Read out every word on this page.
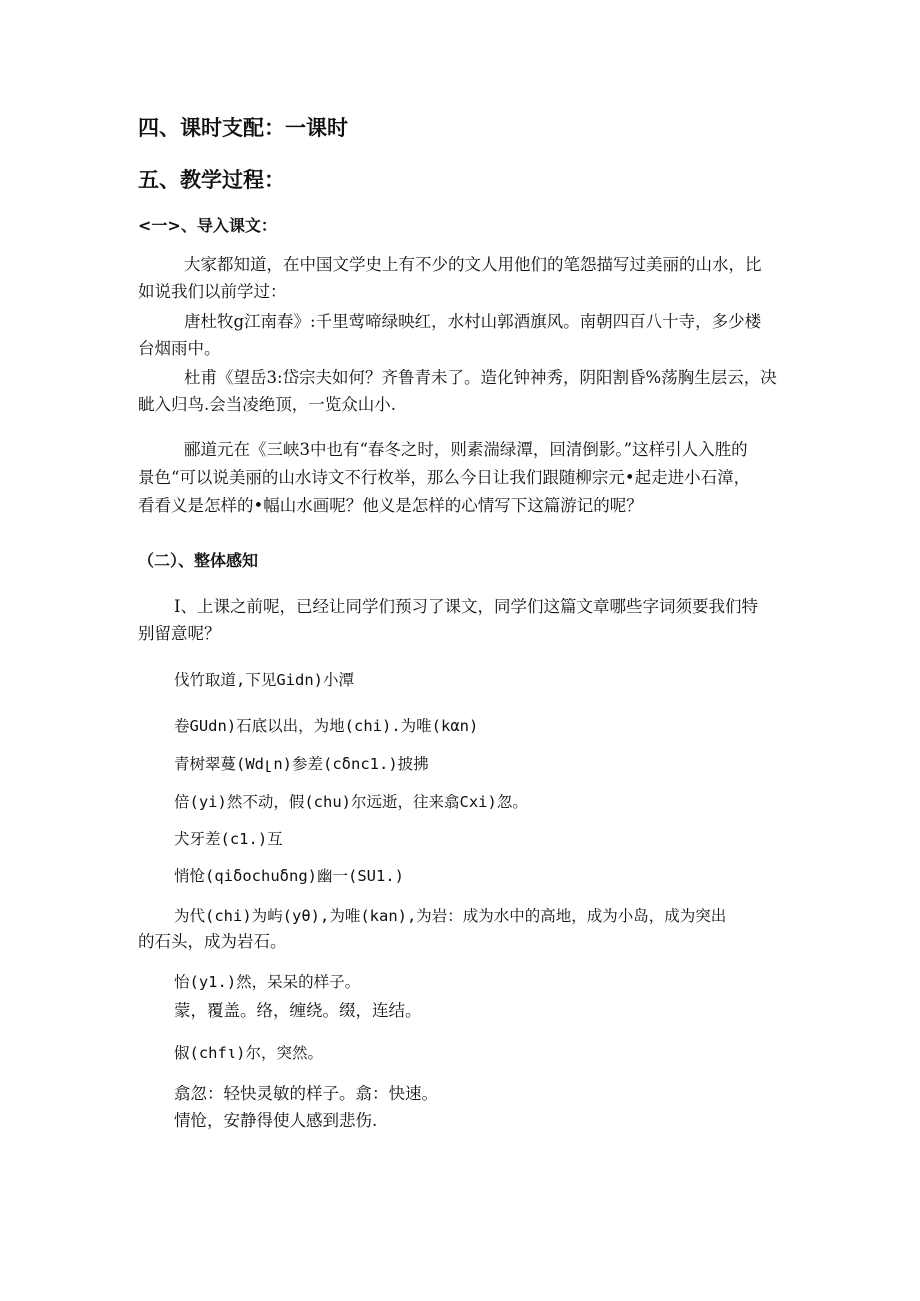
四、课时支配：一课时
五、教学过程：
<一>、导入课文：
大家都知道，在中国文学史上有不少的文人用他们的笔怨描写过美丽的山水，比
如说我们以前学过：
唐杜牧g江南春》:千里莺啼绿映红，水村山郭酒旗风。南朝四百八十寺，多少楼
台烟雨中。
杜甫《望岳3:岱宗夫如何？齐鲁青未了。造化钟神秀，阴阳割昏%荡胸生层云，决
眦入归鸟.会当凌绝顶，一览众山小.
郦道元在《三峡3中也有“春冬之时，则素湍绿潭，回清倒影。”这样引人入胜的
景色“可以说美丽的山水诗文不行枚举，那么今日让我们跟随柳宗元•起走进小石漳，
看看义是怎样的•幅山水画呢？他义是怎样的心情写下这篇游记的呢？
（二）、整体感知
I、上课之前呢，已经让同学们预习了课文，同学们这篇文章哪些字词须要我们特
别留意呢？
伐竹取道,下见Gidn)小潭
卷GUdn)石底以出，为地(chi).为唯(kαn)
青树翠蔓(Wdլn)参差(cδnc1.)披拂
倍(yi)然不动，假(chu)尔远逝，往来翕Cxi)忽。
犬牙差(c1.)互
悄怆(qiδochuδng)幽一(SU1.)
为代(chi)为屿(yθ),为唯(kan),为岩：成为水中的高地，成为小岛，成为突出
的石头，成为岩石。
怡(y1.)然，呆呆的样子。
蒙，覆盖。络，缠绕。缀，连结。
俶(chfι)尔，突然。
翕忽：轻快灵敏的样子。翕：快速。
情怆，安静得使人感到悲伤.
